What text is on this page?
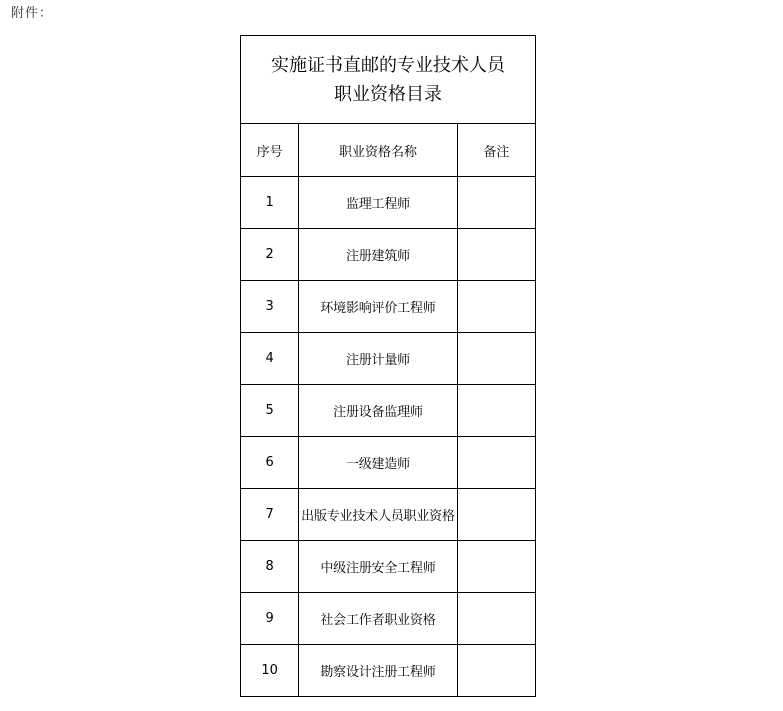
附件：
实施证书直邮的专业技术人员
职业资格目录		

序号	职业资格名称	备注
1	监理工程师	
2	注册建筑师	
3	环境影响评价工程师	
4	注册计量师	
5	注册设备监理师	
6	一级建造师	
7	出版专业技术人员职业资格	
8	中级注册安全工程师	
9	社会工作者职业资格	
10	勘察设计注册工程师	
